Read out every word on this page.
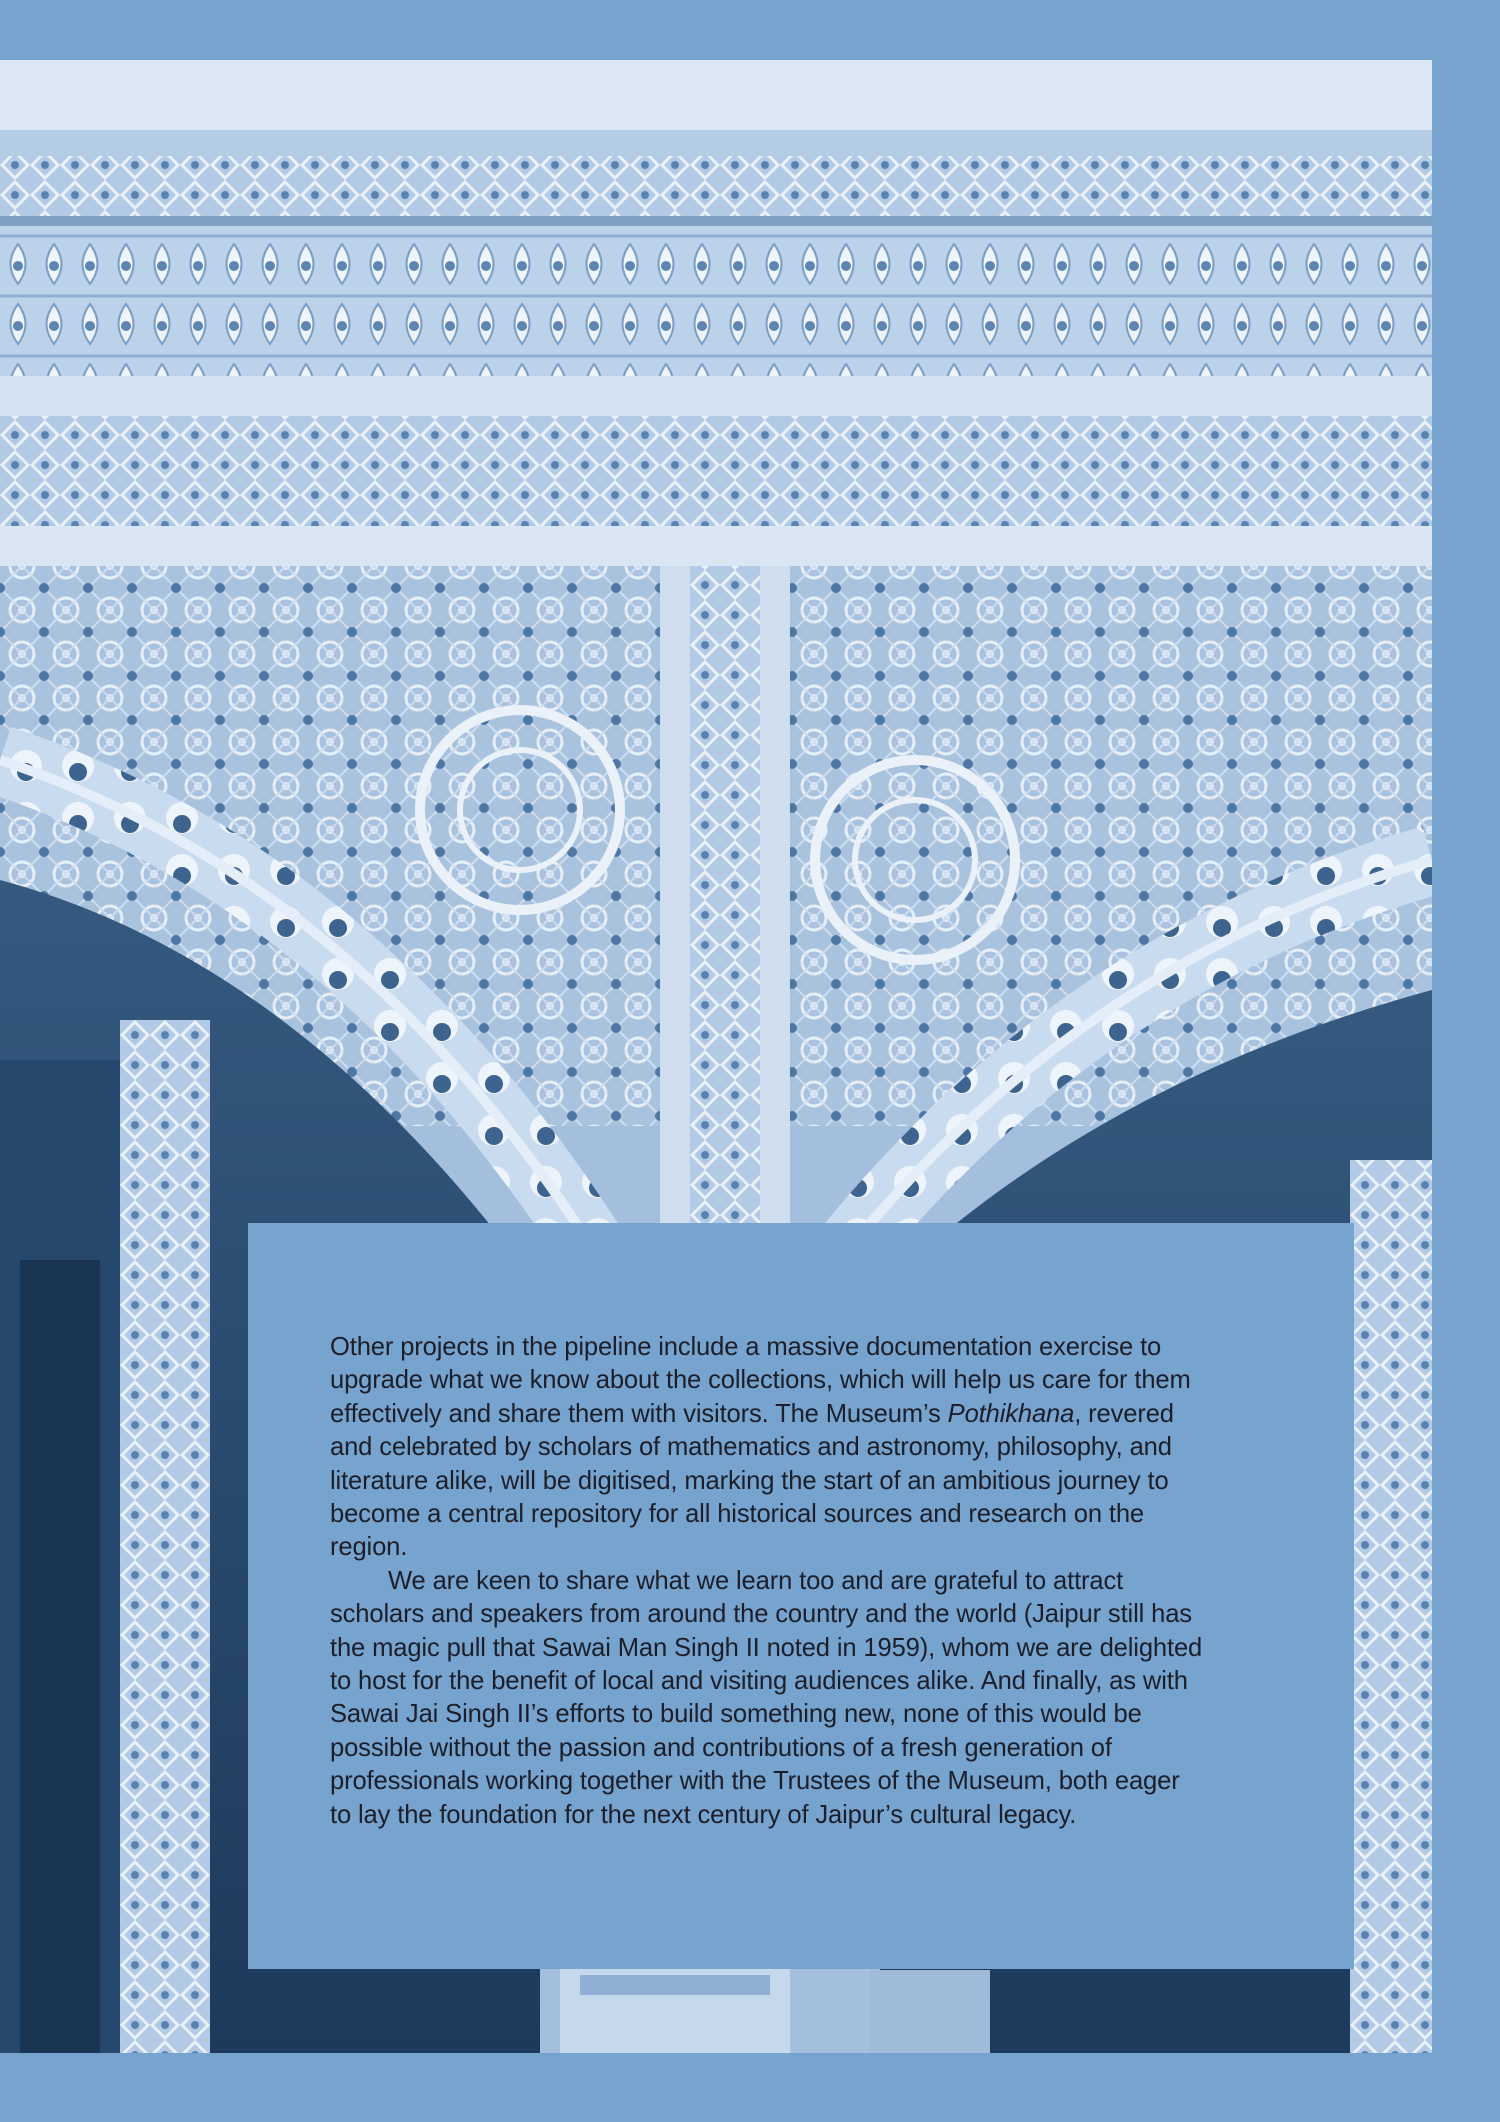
Other projects in the pipeline include a massive documentation exercise to upgrade what we know about the collections, which will help us care for them effectively and share them with visitors. The Museum’s Pothikhana, revered and celebrated by scholars of mathematics and astronomy, philosophy, and literature alike, will be digitised, marking the start of an ambitious journey to become a central repository for all historical sources and research on the region.

We are keen to share what we learn too and are grateful to attract scholars and speakers from around the country and the world (Jaipur still has the magic pull that Sawai Man Singh II noted in 1959), whom we are delighted to host for the benefit of local and visiting audiences alike. And finally, as with Sawai Jai Singh II’s efforts to build something new, none of this would be possible without the passion and contributions of a fresh generation of professionals working together with the Trustees of the Museum, both eager to lay the foundation for the next century of Jaipur’s cultural legacy.
